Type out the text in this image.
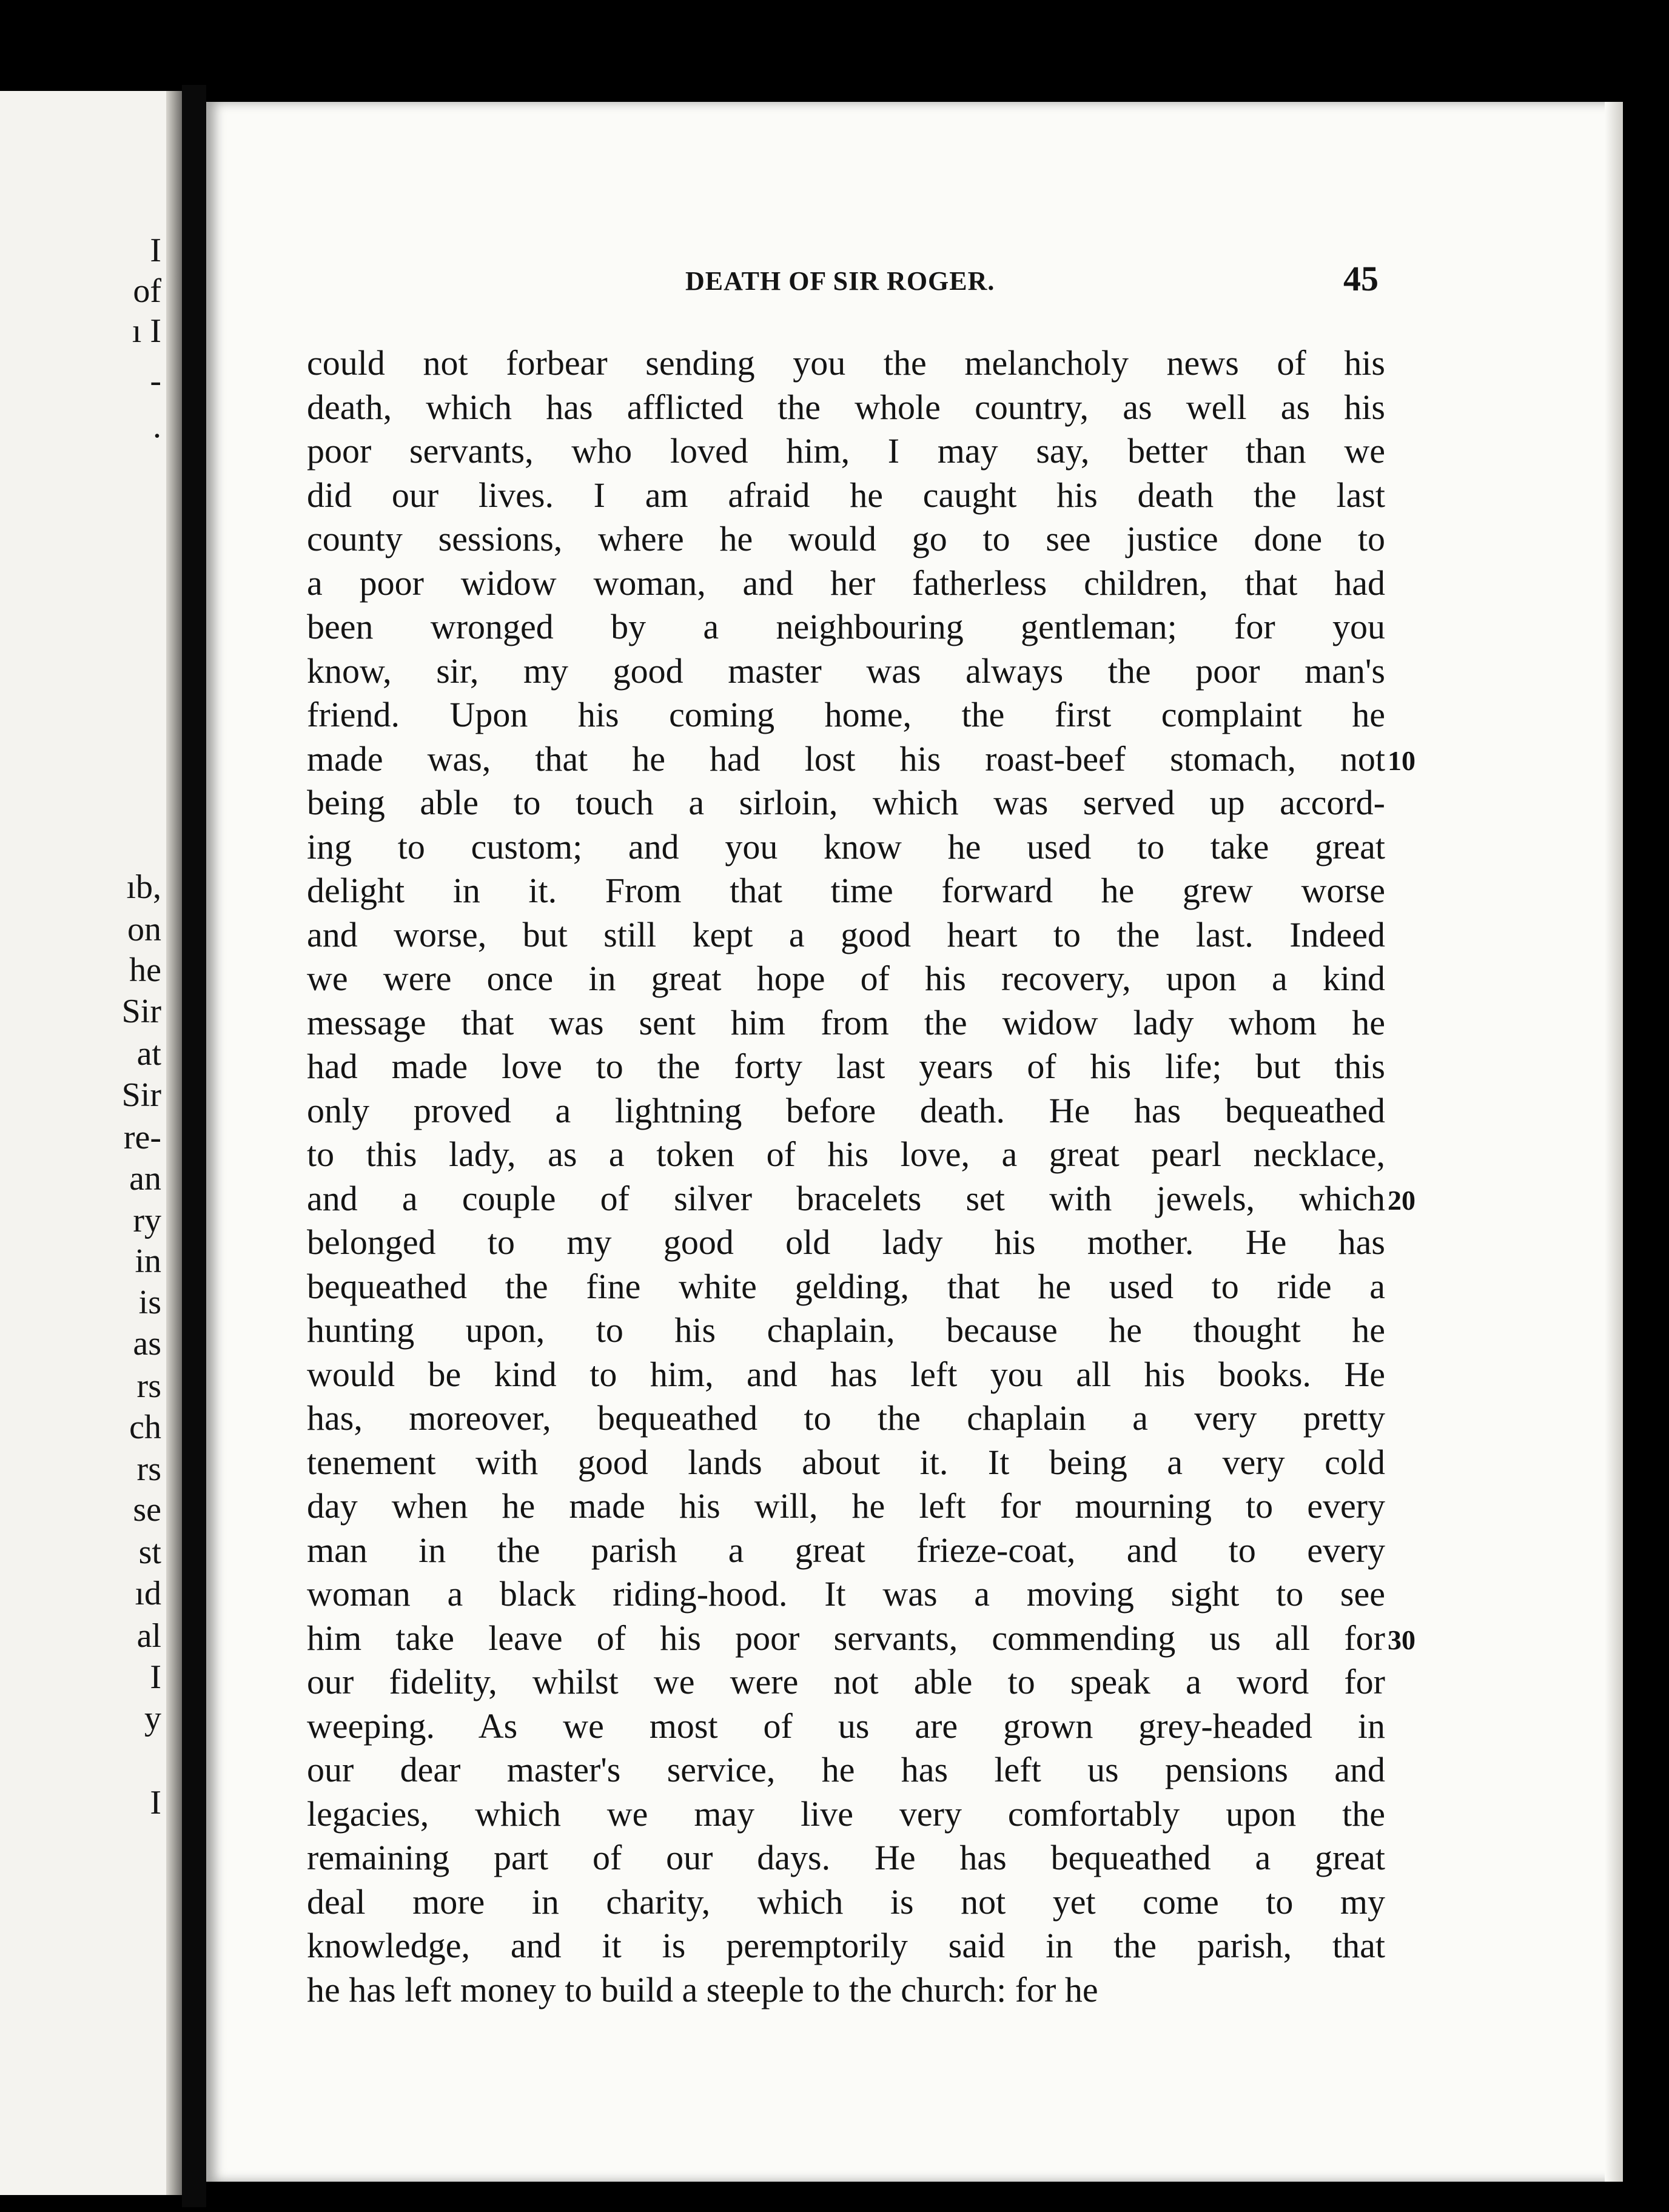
I
of
ı I
-
.
ıb,
on
he
Sir
at
Sir
re-
an
ry
in
is
as
rs
ch
rs
se
st
ıd
al
I
y
I
DEATH OF SIR ROGER.	45
could not forbear sending you the melancholy news of his
death, which has afflicted the whole country, as well as his
poor servants, who loved him, I may say, better than we
did our lives. I am afraid he caught his death the last
county sessions, where he would go to see justice done to
a poor widow woman, and her fatherless children, that had
been wronged by a neighbouring gentleman; for you
know, sir, my good master was always the poor man's
friend. Upon his coming home, the first complaint he
made was, that he had lost his roast-beef stomach, not
being able to touch a sirloin, which was served up accord-
ing to custom; and you know he used to take great
delight in it. From that time forward he grew worse
and worse, but still kept a good heart to the last. Indeed
we were once in great hope of his recovery, upon a kind
message that was sent him from the widow lady whom he
had made love to the forty last years of his life; but this
only proved a lightning before death. He has bequeathed
to this lady, as a token of his love, a great pearl necklace,
and a couple of silver bracelets set with jewels, which
belonged to my good old lady his mother. He has
bequeathed the fine white gelding, that he used to ride a
hunting upon, to his chaplain, because he thought he
would be kind to him, and has left you all his books. He
has, moreover, bequeathed to the chaplain a very pretty
tenement with good lands about it. It being a very cold
day when he made his will, he left for mourning to every
man in the parish a great frieze-coat, and to every
woman a black riding-hood. It was a moving sight to see
him take leave of his poor servants, commending us all for
our fidelity, whilst we were not able to speak a word for
weeping. As we most of us are grown grey-headed in
our dear master's service, he has left us pensions and
legacies, which we may live very comfortably upon the
remaining part of our days. He has bequeathed a great
deal more in charity, which is not yet come to my
knowledge, and it is peremptorily said in the parish, that
he has left money to build a steeple to the church: for he
10
20
30
